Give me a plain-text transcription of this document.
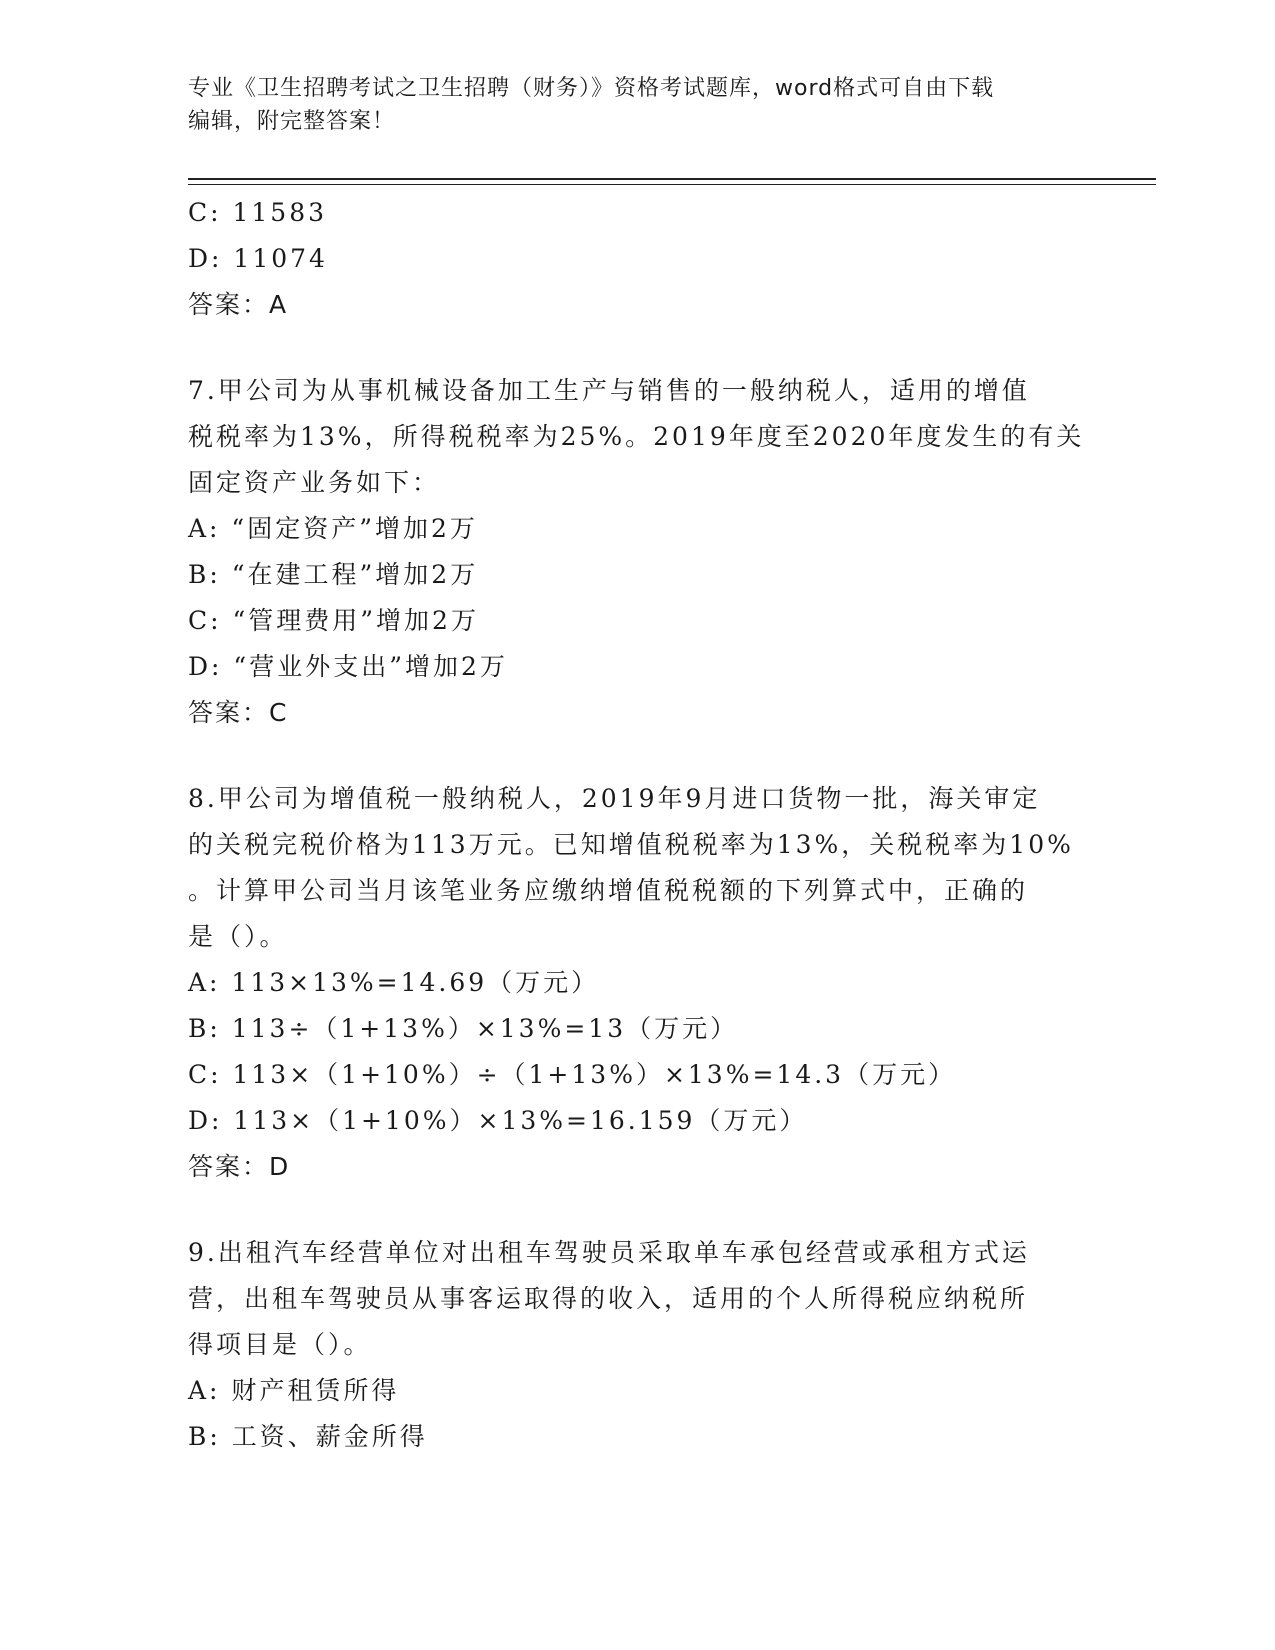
专业《卫生招聘考试之卫生招聘（财务）》资格考试题库，word格式可自由下载
编辑，附完整答案！
C: 11583
D: 11074
答案：A
7.甲公司为从事机械设备加工生产与销售的一般纳税人，适用的增值
税税率为13%，所得税税率为25%。2019年度至2020年度发生的有关
固定资产业务如下：
A: “固定资产”增加2万
B: “在建工程”增加2万
C: “管理费用”增加2万
D: “营业外支出”增加2万
答案：C
8.甲公司为增值税一般纳税人，2019年9月进口货物一批，海关审定
的关税完税价格为113万元。已知增值税税率为13%，关税税率为10%
。计算甲公司当月该笔业务应缴纳增值税税额的下列算式中，正确的
是（）。
A: 113×13%=14.69（万元）
B: 113÷（1+13%）×13%=13（万元）
C: 113×（1+10%）÷（1+13%）×13%=14.3（万元）
D: 113×（1+10%）×13%=16.159（万元）
答案：D
9.出租汽车经营单位对出租车驾驶员采取单车承包经营或承租方式运
营，出租车驾驶员从事客运取得的收入，适用的个人所得税应纳税所
得项目是（）。
A: 财产租赁所得
B: 工资、薪金所得
